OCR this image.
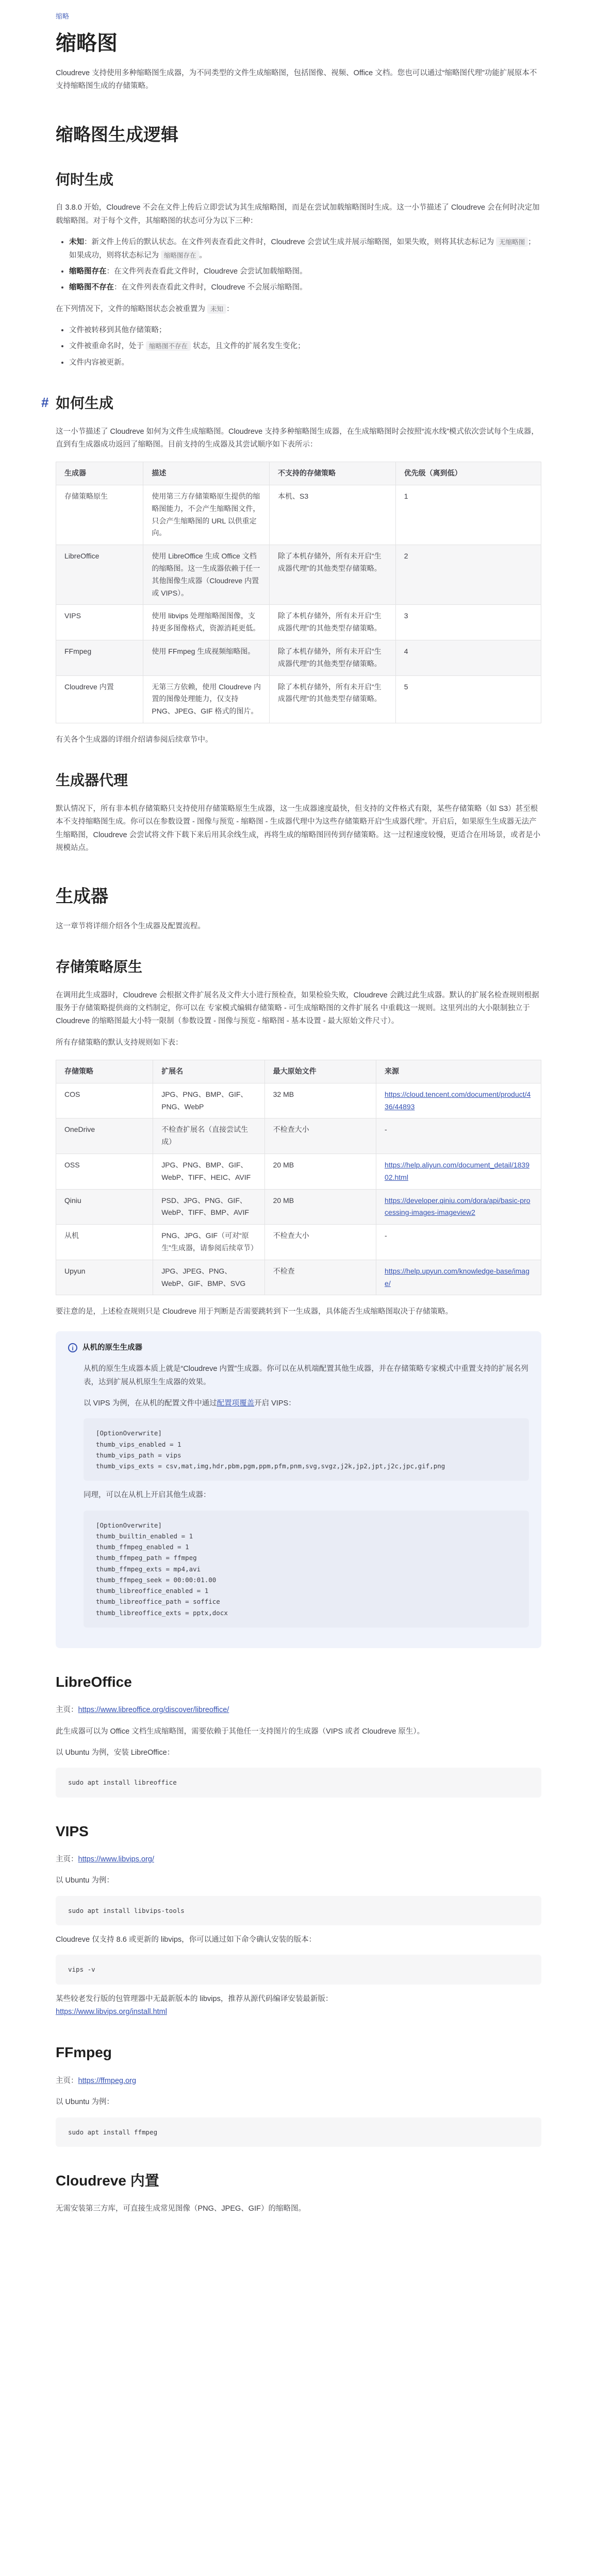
缩略
缩略图

Cloudreve 支持使用多种缩略图生成器，为不同类型的文件生成缩略图，包括图像、视频、Office 文档。您也可以通过“缩略图代理”功能扩展原本不支持缩略图生成的存储策略。

缩略图生成逻辑
何时生成

自 3.8.0 开始，Cloudreve 不会在文件上传后立即尝试为其生成缩略图，而是在尝试加载缩略图时生成。这一小节描述了 Cloudreve 会在何时决定加载缩略图。对于每个文件，其缩略图的状态可分为以下三种：

• 未知：新文件上传后的默认状态。在文件列表查看此文件时，Cloudreve 会尝试生成并展示缩略图，如果失败，则将其状态标记为 无缩略图 ；如果成功，则将状态标记为 缩略图存在 。
• 缩略图存在：在文件列表查看此文件时，Cloudreve 会尝试加载缩略图。
• 缩略图不存在：在文件列表查看此文件时，Cloudreve 不会展示缩略图。

在下列情况下，文件的缩略图状态会被重置为 未知 ：

• 文件被转移到其他存储策略；
• 文件被重命名时，处于 缩略图不存在 状态，且文件的扩展名发生变化；
• 文件内容被更新。
# 如何生成

这一小节描述了 Cloudreve 如何为文件生成缩略图。Cloudreve 支持多种缩略图生成器，在生成缩略图时会按照“流水线”模式依次尝试每个生成器，直到有生成器成功返回了缩略图。目前支持的生成器及其尝试顺序如下表所示：

生成器	描述	不支持的存储策略	优先级（离到低）
存储策略原生	使用第三方存储策略原生提供的缩略图能力，不会产生缩略图文件，只会产生缩略图的 URL 以供重定向。	本机、S3	1
LibreOffice	使用 LibreOffice 生成 Office 文档的缩略图。这一生成器依赖于任一其他图像生成器（Cloudreve 内置 或 VIPS）。	除了本机存储外，所有未开启“生成器代理”的其他类型存储策略。	2
VIPS	使用 libvips 处理缩略图图像，支持更多图像格式，资源消耗更低。	除了本机存储外，所有未开启“生成器代理”的其他类型存储策略。	3
FFmpeg	使用 FFmpeg 生成视频缩略图。	除了本机存储外，所有未开启“生成器代理”的其他类型存储策略。	4
Cloudreve 内置	无第三方依赖，使用 Cloudreve 内置的图像处理能力，仅支持 PNG、JPEG、GIF 格式的图片。	除了本机存储外，所有未开启“生成器代理”的其他类型存储策略。	5

有关各个生成器的详细介绍请参阅后续章节中。

生成器代理

默认情况下，所有非本机存储策略只支持使用存储策略原生生成器，这一生成器速度最快，但支持的文件格式有限，某些存储策略（如 S3）甚至根本不支持缩略图生成。你可以在参数设置 - 图像与预览 - 缩略图 - 生成器代理中为这些存储策略开启“生成器代理”。开启后，如果原生生成器无法产生缩略图，Cloudreve 会尝试将文件下载下来后用其余线生成，再将生成的缩略图回传到存储策略。这一过程速度较慢，更适合在用场景，或者是小规模站点。

生成器

这一章节将详细介绍各个生成器及配置流程。

存储策略原生

在调用此生成器时，Cloudreve 会根据文件扩展名及文件大小进行预检查，如果检验失败，Cloudreve 会跳过此生成器。默认的扩展名检查规则根据服务于存储策略提供商的文档制定，你可以在 专家模式编辑存储策略 - 可生成缩略图的文件扩展名 中重载这一规则。这里列出的大小限制独立于 Cloudreve 的缩略图最大小特一限制（参数设置 - 图像与预览 - 缩略图 - 基本设置 - 最大原始文件尺寸）。

所有存储策略的默认支持规则如下表：

存储策略	扩展名	最大原始文件	来源
COS	JPG、PNG、BMP、GIF、PNG、WebP	32 MB	https://cloud.tencent.com/document/product/436/44893
OneDrive	不检查扩展名（直接尝试生成）	不检查大小	-
OSS	JPG、PNG、BMP、GIF、WebP、TIFF、HEIC、AVIF	20 MB	https://help.aliyun.com/document_detail/183902.html
Qiniu	PSD、JPG、PNG、GIF、WebP、TIFF、BMP、AVIF	20 MB	https://developer.qiniu.com/dora/api/basic-processing-images-imageview2
从机	PNG、JPG、GIF（可对“原生”生成器，请参阅后续章节）	不检查大小	-
Upyun	JPG、JPEG、PNG、WebP、GIF、BMP、SVG	不检查	https://help.upyun.com/knowledge-base/image/

要注意的是，上述检查规则只是 Cloudreve 用于判断是否需要跳转到下一生成器，具体能否生成缩略图取决于存储策略。

i	从机的原生生成器

从机的原生生成器本质上就是“Cloudreve 内置”生成器。你可以在从机端配置其他生成器，并在存储策略专家模式中重置支持的扩展名列表，达到扩展从机原生生成器的效果。

以 VIPS 为例，在从机的配置文件中通过配置项覆盖开启 VIPS：

[OptionOverwrite]
thumb_vips_enabled = 1
thumb_vips_path = vips
thumb_vips_exts = csv,mat,img,hdr,pbm,pgm,ppm,pfm,pnm,svg,svgz,j2k,jp2,jpt,j2c,jpc,gif,png

同理，可以在从机上开启其他生成器：

[OptionOverwrite]
thumb_builtin_enabled = 1
thumb_ffmpeg_enabled = 1
thumb_ffmpeg_path = ffmpeg
thumb_ffmpeg_exts = mp4,avi
thumb_ffmpeg_seek = 00:00:01.00
thumb_libreoffice_enabled = 1
thumb_libreoffice_path = soffice
thumb_libreoffice_exts = pptx,docx
LibreOffice

主页：https://www.libreoffice.org/discover/libreoffice/

此生成器可以为 Office 文档生成缩略图，需要依赖于其他任一支持图片的生成器（VIPS 或者 Cloudreve 原生）。

以 Ubuntu 为例，安装 LibreOffice：

sudo apt install libreoffice
VIPS

主页：https://www.libvips.org/

以 Ubuntu 为例：

sudo apt install libvips-tools

Cloudreve 仅支持 8.6 或更新的 libvips，你可以通过如下命令确认安装的版本：

vips -v

某些较老发行版的包管理器中无最新版本的 libvips，推荐从源代码编译安装最新版：
https://www.libvips.org/install.html

FFmpeg

主页：https://ffmpeg.org

以 Ubuntu 为例：

sudo apt install ffmpeg
Cloudreve 内置

无需安装第三方库，可直接生成常见图像（PNG、JPEG、GIF）的缩略图。
